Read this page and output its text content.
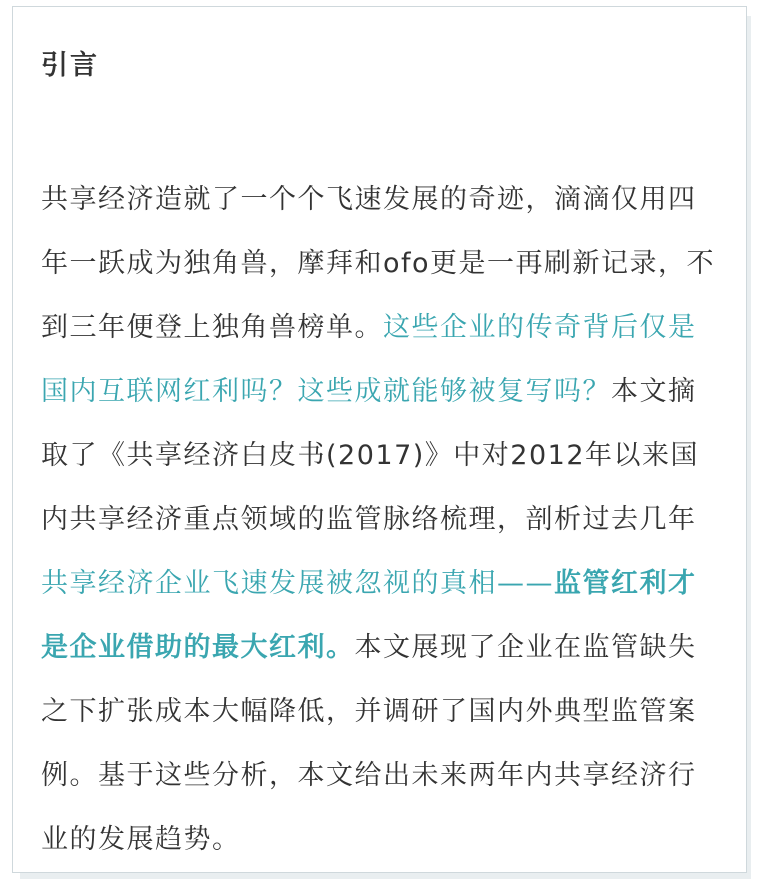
引言
共享经济造就了一个个飞速发展的奇迹，滴滴仅用四年一跃成为独角兽，摩拜和ofo更是一再刷新记录，不到三年便登上独角兽榜单。这些企业的传奇背后仅是国内互联网红利吗？这些成就能够被复写吗？本文摘取了《共享经济白皮书(2017)》中对2012年以来国内共享经济重点领域的监管脉络梳理，剖析过去几年共享经济企业飞速发展被忽视的真相——监管红利才是企业借助的最大红利。本文展现了企业在监管缺失之下扩张成本大幅降低，并调研了国内外典型监管案例。基于这些分析，本文给出未来两年内共享经济行业的发展趋势。
